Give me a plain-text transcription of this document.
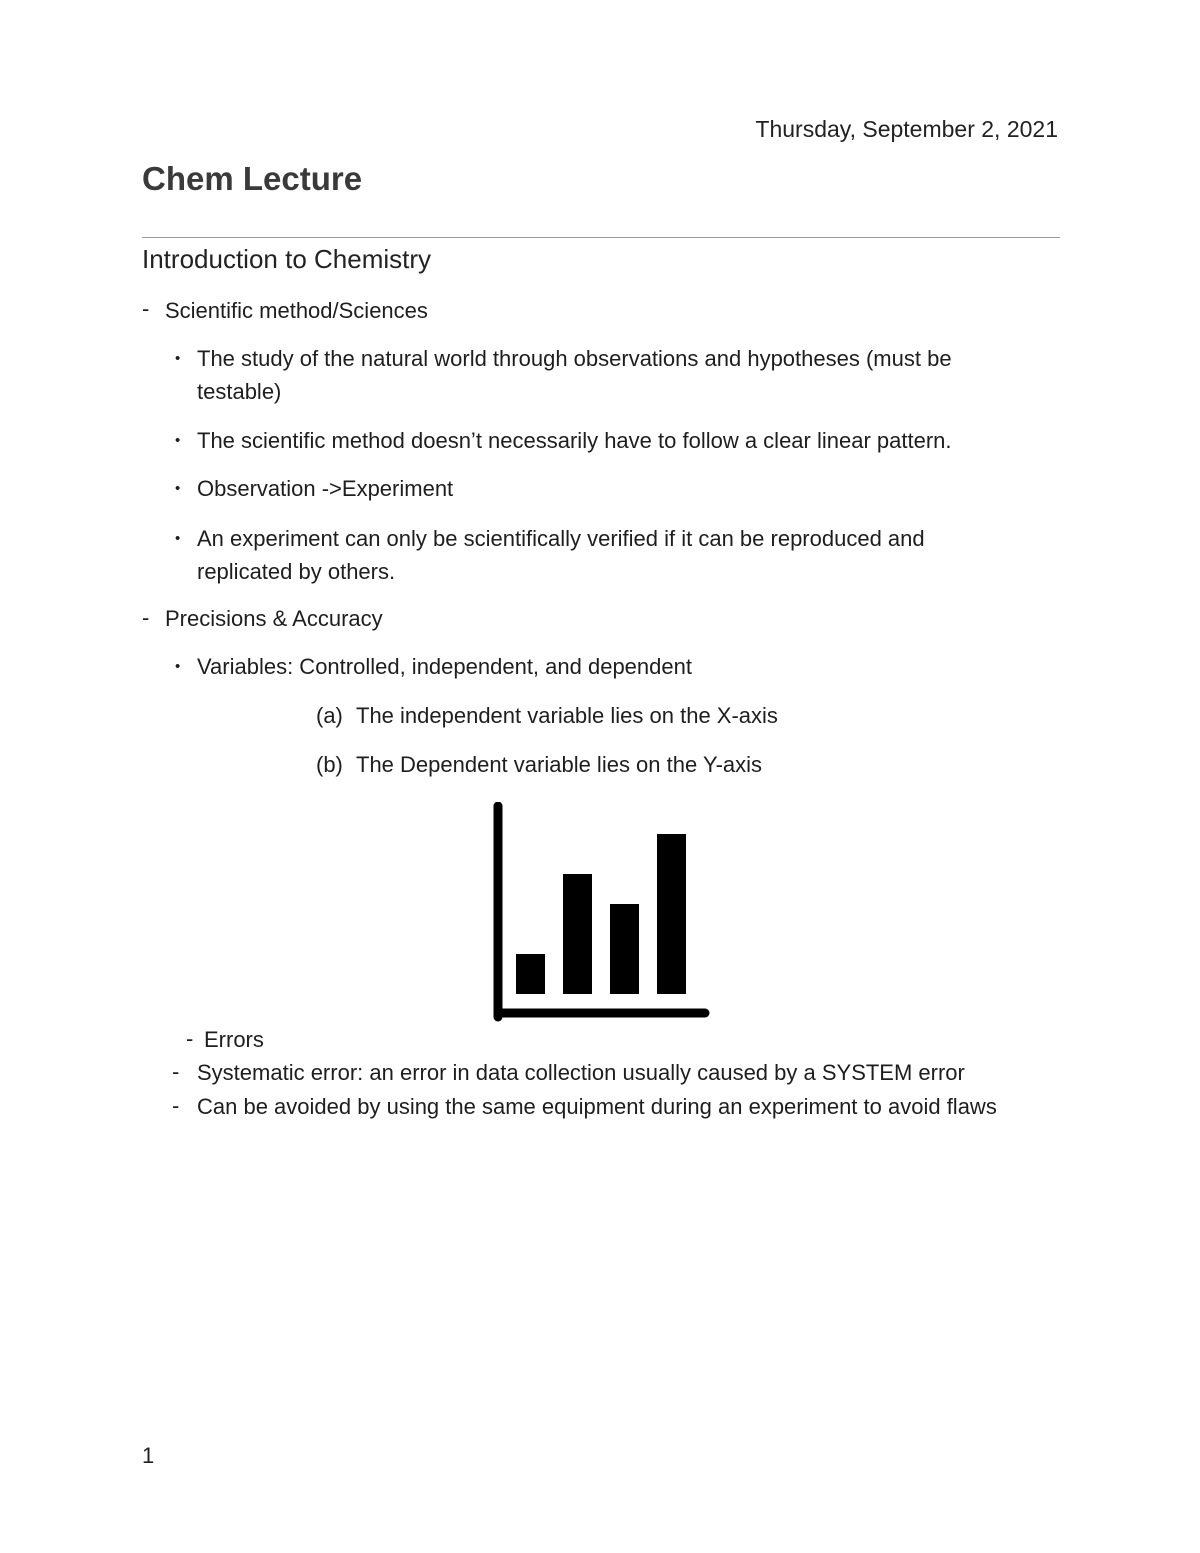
Thursday, September 2, 2021
Chem Lecture
Introduction to Chemistry
- Scientific method/Sciences
• The study of the natural world through observations and hypotheses (must be
testable)
• The scientific method doesn’t necessarily have to follow a clear linear pattern.
• Observation ->Experiment
• An experiment can only be scientifically verified if it can be reproduced and
replicated by others.
- Precisions & Accuracy
• Variables: Controlled, independent, and dependent
(a) The independent variable lies on the X-axis
(b) The Dependent variable lies on the Y-axis
- Errors
- Systematic error: an error in data collection usually caused by a SYSTEM error
- Can be avoided by using the same equipment during an experiment to avoid flaws
1
